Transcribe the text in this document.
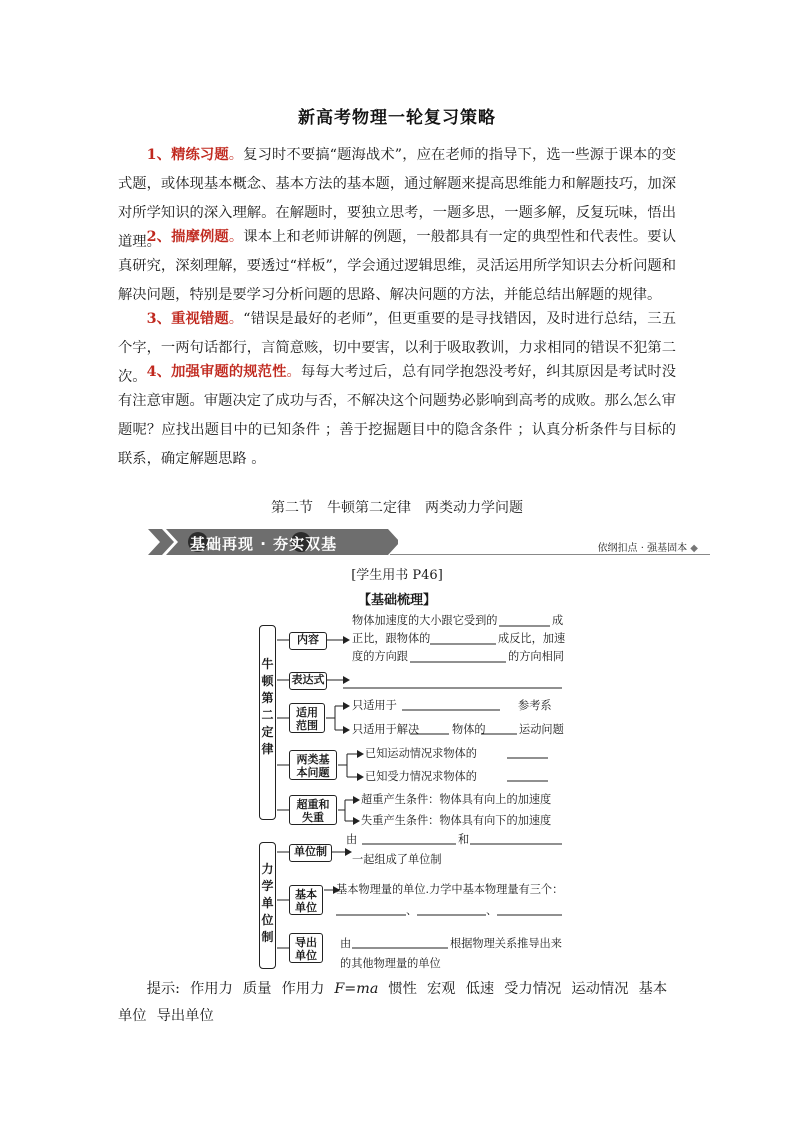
新高考物理一轮复习策略
1、精练习题。复习时不要搞“题海战术”，应在老师的指导下，选一些源于课本的变式题，或体现基本概念、基本方法的基本题，通过解题来提高思维能力和解题技巧，加深对所学知识的深入理解。在解题时，要独立思考，一题多思，一题多解，反复玩味，悟出道理。
2、揣摩例题。课本上和老师讲解的例题，一般都具有一定的典型性和代表性。要认真研究，深刻理解，要透过“样板”，学会通过逻辑思维，灵活运用所学知识去分析问题和解决问题，特别是要学习分析问题的思路、解决问题的方法，并能总结出解题的规律。
3、重视错题。“错误是最好的老师”，但更重要的是寻找错因，及时进行总结，三五个字，一两句话都行，言简意赅，切中要害，以利于吸取教训，力求相同的错误不犯第二次。 4、加强审题的规范性。每每大考过后，总有同学抱怨没考好，纠其原因是考试时没有注意审题。审题决定了成功与否，不解决这个问题势必影响到高考的成败。那么怎么审题呢？应找出题目中的已知条件 ；善于挖掘题目中的隐含条件 ；认真分析条件与目标的联系，确定解题思路 。
第二节　牛顿第二定律　两类动力学问题
基础再现 · 夯实双基	依纲扣点 · 强基固本 ◆
[学生用书 P46]
【基础梳理】
牛顿第二定律
力学单位制
内容
表达式
适用范围
两类基本问题
超重和失重
单位制
基本单位
导出单位
物体加速度的大小跟它受到的	成
正比，跟物体的	成反比，加速
度的方向跟	的方向相同
只适用于	参考系
只适用于解决	物体的	运动问题
已知运动情况求物体的
已知受力情况求物体的
超重产生条件：物体具有向上的加速度
失重产生条件：物体具有向下的加速度
由	和
一起组成了单位制
基本物理量的单位.力学中基本物理量有三个：
、	、
由	根据物理关系推导出来
的其他物理量的单位
提示: 作用力 质量 作用力 F=ma 惯性 宏观 低速 受力情况 运动情况 基本单位 导出单位
